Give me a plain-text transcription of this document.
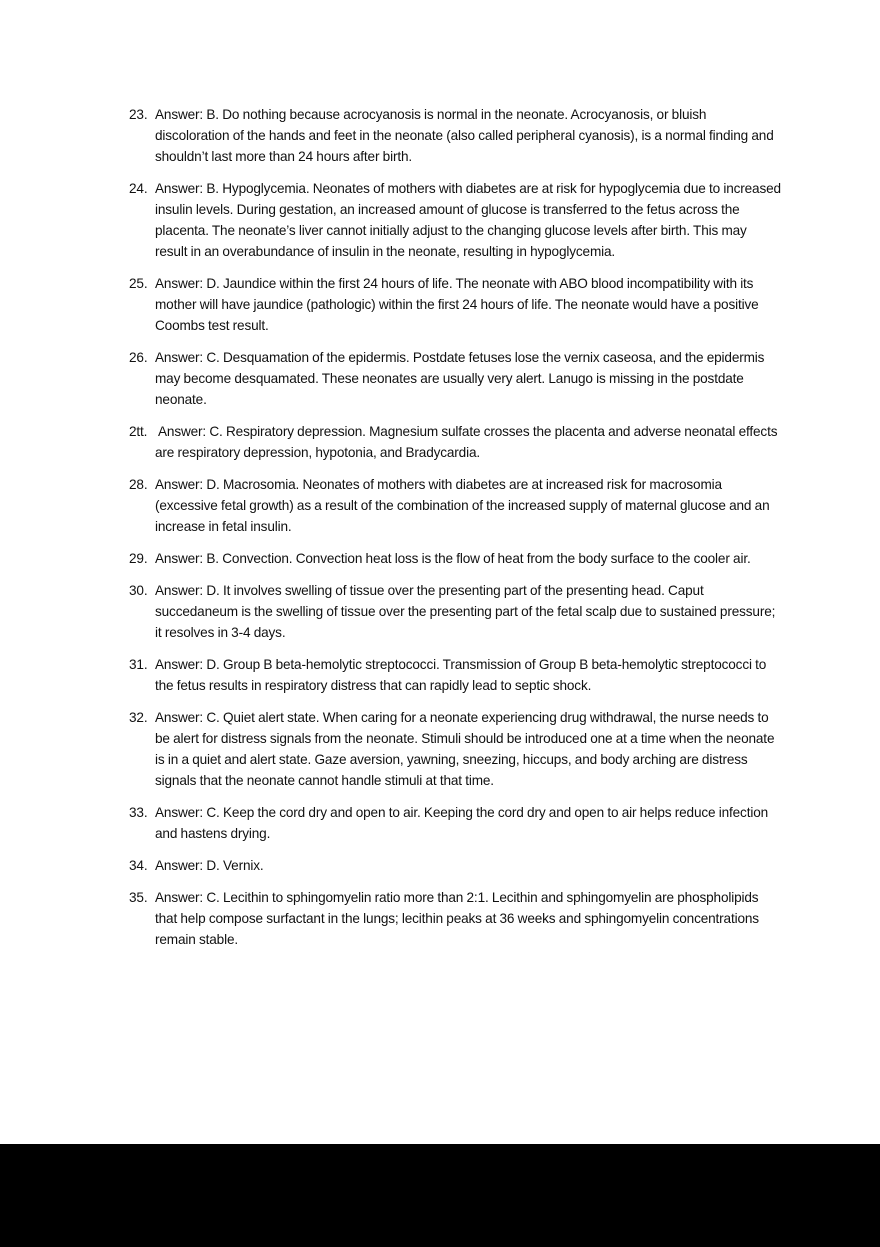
23. Answer: B. Do nothing because acrocyanosis is normal in the neonate. Acrocyanosis, or bluish discoloration of the hands and feet in the neonate (also called peripheral cyanosis), is a normal finding and shouldn’t last more than 24 hours after birth.
24. Answer: B. Hypoglycemia. Neonates of mothers with diabetes are at risk for hypoglycemia due to increased insulin levels. During gestation, an increased amount of glucose is transferred to the fetus across the placenta. The neonate’s liver cannot initially adjust to the changing glucose levels after birth. This may result in an overabundance of insulin in the neonate, resulting in hypoglycemia.
25. Answer: D. Jaundice within the first 24 hours of life. The neonate with ABO blood incompatibility with its mother will have jaundice (pathologic) within the first 24 hours of life. The neonate would have a positive Coombs test result.
26. Answer: C. Desquamation of the epidermis. Postdate fetuses lose the vernix caseosa, and the epidermis may become desquamated. These neonates are usually very alert. Lanugo is missing in the postdate neonate.
2tt. Answer: C. Respiratory depression. Magnesium sulfate crosses the placenta and adverse neonatal effects are respiratory depression, hypotonia, and Bradycardia.
28. Answer: D. Macrosomia. Neonates of mothers with diabetes are at increased risk for macrosomia (excessive fetal growth) as a result of the combination of the increased supply of maternal glucose and an increase in fetal insulin.
29. Answer: B. Convection. Convection heat loss is the flow of heat from the body surface to the cooler air.
30. Answer: D. It involves swelling of tissue over the presenting part of the presenting head. Caput succedaneum is the swelling of tissue over the presenting part of the fetal scalp due to sustained pressure; it resolves in 3-4 days.
31. Answer: D. Group B beta-hemolytic streptococci. Transmission of Group B beta-hemolytic streptococci to the fetus results in respiratory distress that can rapidly lead to septic shock.
32. Answer: C. Quiet alert state. When caring for a neonate experiencing drug withdrawal, the nurse needs to be alert for distress signals from the neonate. Stimuli should be introduced one at a time when the neonate is in a quiet and alert state. Gaze aversion, yawning, sneezing, hiccups, and body arching are distress signals that the neonate cannot handle stimuli at that time.
33. Answer: C. Keep the cord dry and open to air. Keeping the cord dry and open to air helps reduce infection and hastens drying.
34. Answer: D. Vernix.
35. Answer: C. Lecithin to sphingomyelin ratio more than 2:1. Lecithin and sphingomyelin are phospholipids that help compose surfactant in the lungs; lecithin peaks at 36 weeks and sphingomyelin concentrations remain stable.
